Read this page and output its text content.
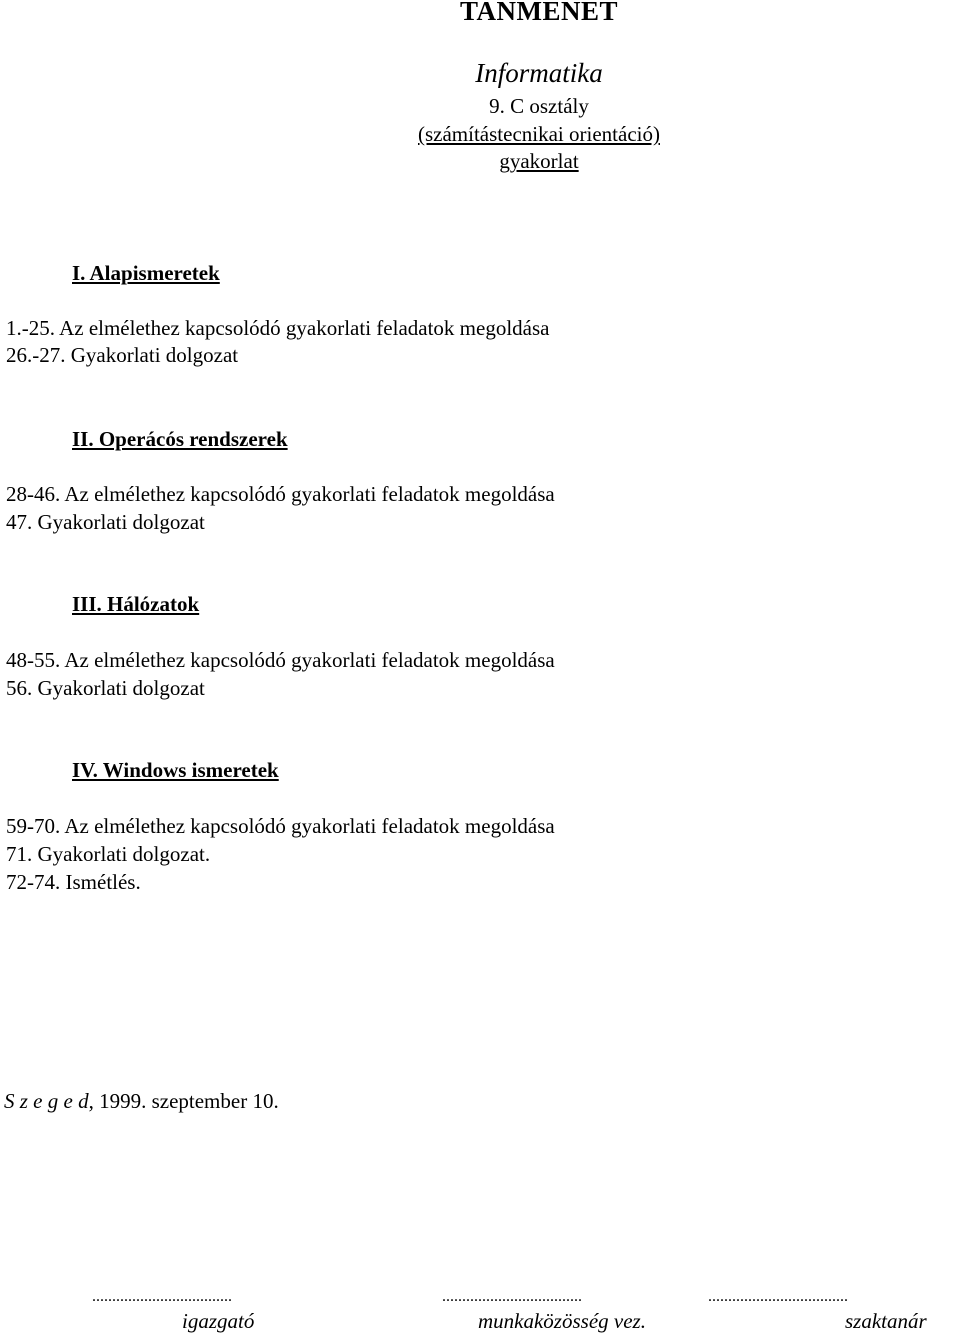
TANMENET
Informatika
9. C osztály
(számítástecnikai orientáció)
gyakorlat
I. Alapismeretek
1.-25. Az elmélethez kapcsolódó gyakorlati feladatok megoldása
26.-27. Gyakorlati dolgozat
II. Operácós rendszerek
28-46. Az elmélethez kapcsolódó gyakorlati feladatok megoldása
47. Gyakorlati dolgozat
III. Hálózatok
48-55. Az elmélethez kapcsolódó gyakorlati feladatok megoldása
56. Gyakorlati dolgozat
IV. Windows ismeretek
59-70. Az elmélethez kapcsolódó gyakorlati feladatok megoldása
71. Gyakorlati dolgozat.
72-74. Ismétlés.
S z e g e d, 1999. szeptember 10.
...................................	...................................	...................................
igazgató	munkaközösség vez.	szaktanár
